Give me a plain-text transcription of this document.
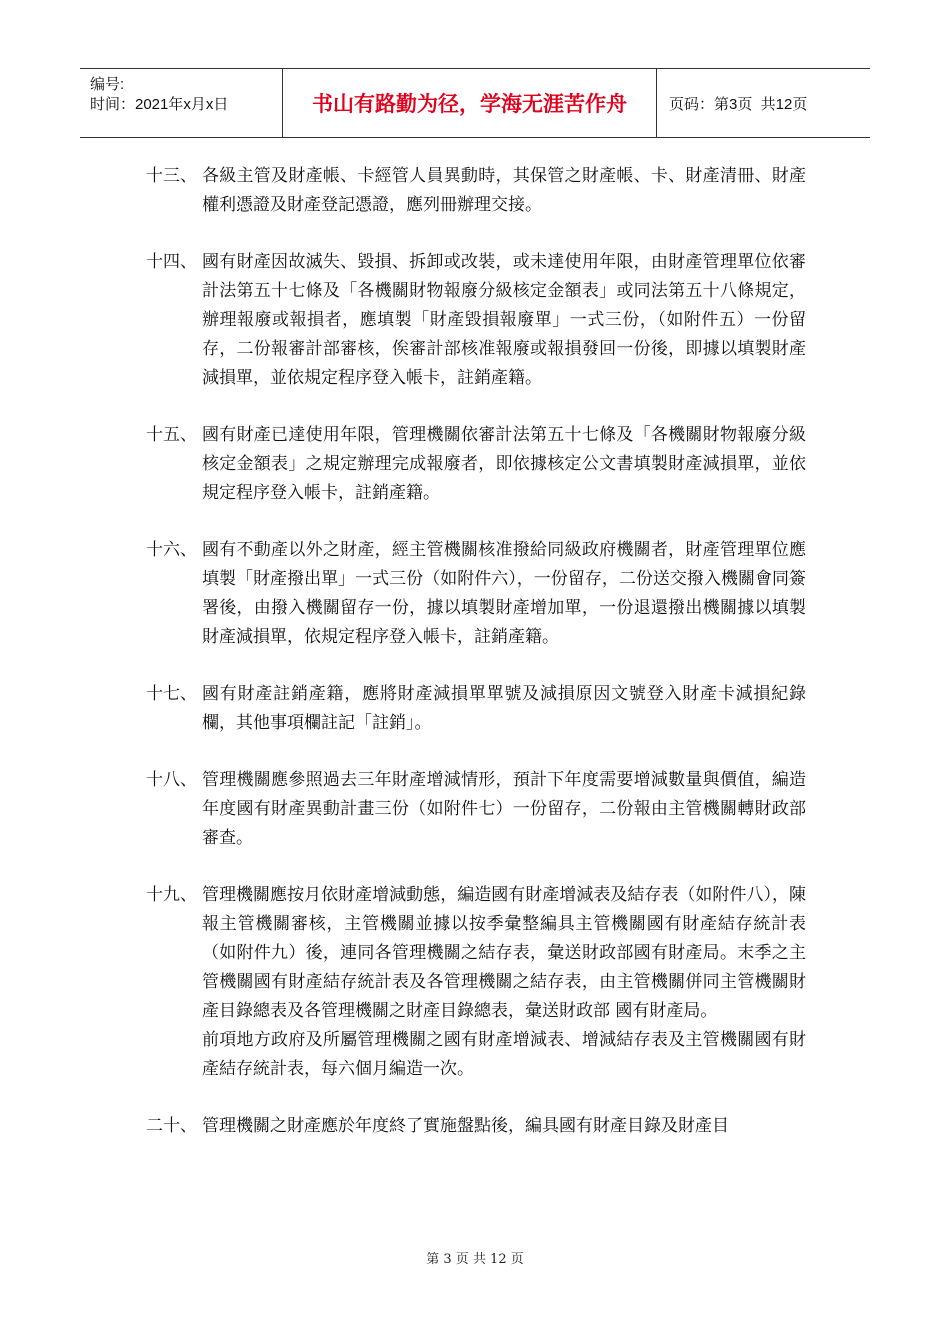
编号:
时间：2021年x月x日	书山有路勤为径，学海无涯苦作舟	页码：第3页  共12页
十三、 各級主管及財產帳、卡經管人員異動時，其保管之財產帳、卡、財產清冊、財產權利憑證及財產登記憑證，應列冊辦理交接。

十四、 國有財產因故滅失、毀損、拆卸或改裝，或未達使用年限，由財產管理單位依審計法第五十七條及「各機關財物報廢分級核定金額表」或同法第五十八條規定，辦理報廢或報損者，應填製「財產毀損報廢單」一式三份，（如附件五）一份留存，二份報審計部審核，俟審計部核准報廢或報損發回一份後，即據以填製財產減損單，並依規定程序登入帳卡，註銷產籍。

十五、 國有財產已達使用年限，管理機關依審計法第五十七條及「各機關財物報廢分級核定金額表」之規定辦理完成報廢者，即依據核定公文書填製財產減損單，並依規定程序登入帳卡，註銷產籍。

十六、 國有不動產以外之財產，經主管機關核准撥給同級政府機關者，財產管理單位應填製「財產撥出單」一式三份（如附件六），一份留存，二份送交撥入機關會同簽署後，由撥入機關留存一份，據以填製財產增加單，一份退還撥出機關據以填製財產減損單，依規定程序登入帳卡，註銷產籍。

十七、 國有財產註銷產籍，應將財產減損單單號及減損原因文號登入財產卡減損紀錄欄，其他事項欄註記「註銷」。

十八、 管理機關應參照過去三年財產增減情形，預計下年度需要增減數量與價值，編造年度國有財產異動計畫三份（如附件七）一份留存，二份報由主管機關轉財政部審查。

十九、 管理機關應按月依財產增減動態，編造國有財產增減表及結存表（如附件八），陳報主管機關審核，主管機關並據以按季彙整編具主管機關國有財產結存統計表（如附件九）後，連同各管理機關之結存表，彙送財政部國有財產局。末季之主管機關國有財產結存統計表及各管理機關之結存表，由主管機關併同主管機關財產目錄總表及各管理機關之財產目錄總表，彙送財政部 國有財產局。

前項地方政府及所屬管理機關之國有財產增減表、增減結存表及主管機關國有財產結存統計表，每六個月編造一次。

二十、 管理機關之財產應於年度終了實施盤點後，編具國有財產目錄及財產目

第 3 页 共 12 页
